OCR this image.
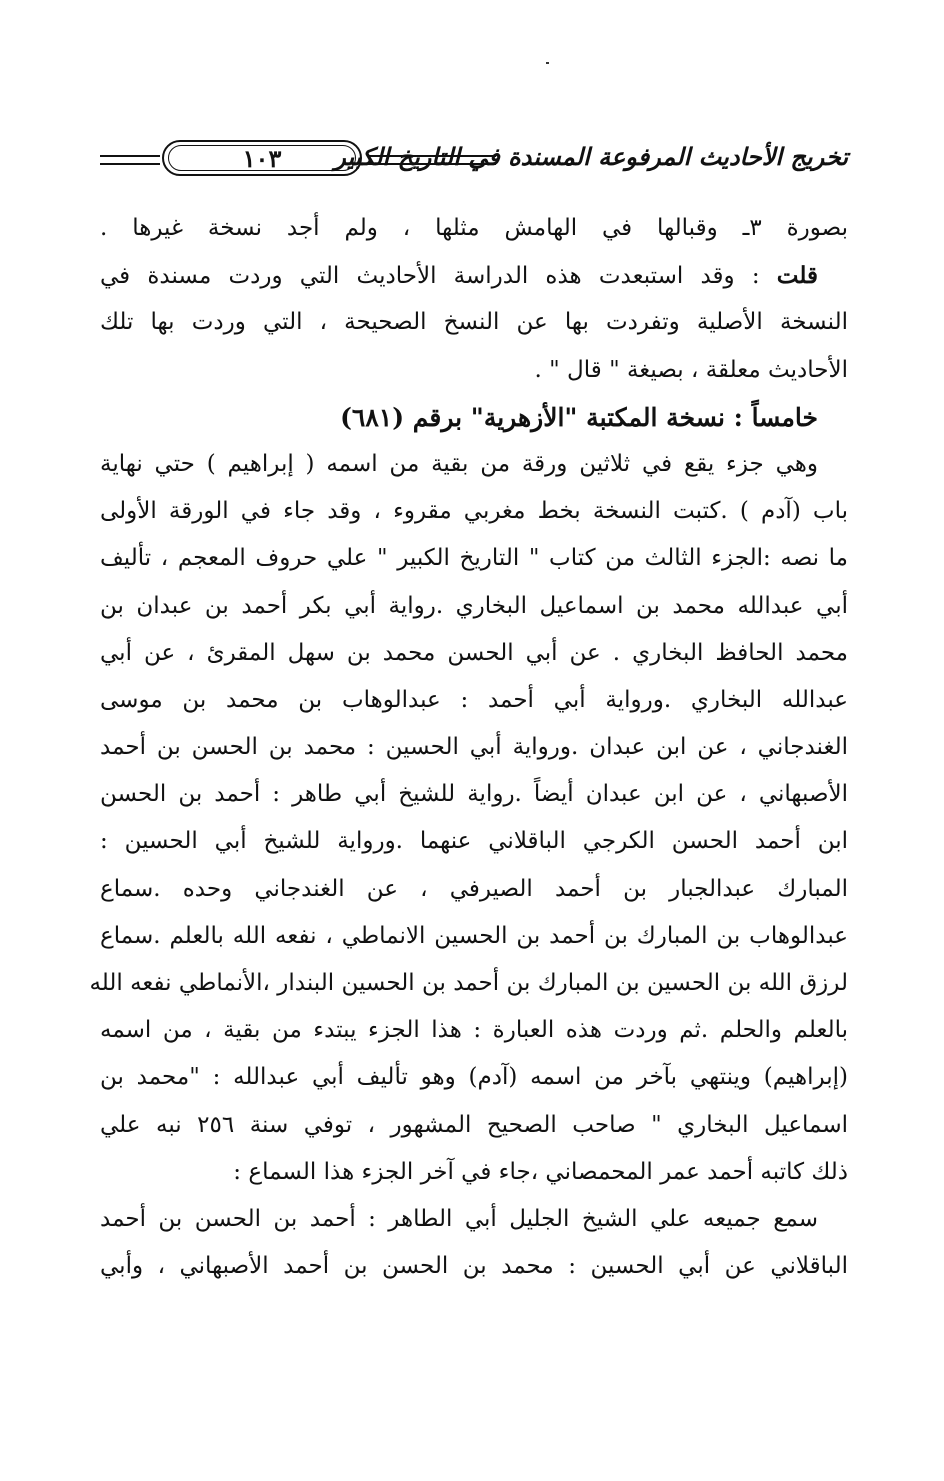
١٠٣ تخريج الأحاديث المرفوعة المسندة في التاريخ الكبير
بصورة ٣ـ وقبالها في الهامش مثلها ، ولم أجد نسخة غيرها .
قلت : وقد استبعدت هذه الدراسة الأحاديث التي وردت مسندة في
النسخة الأصلية وتفردت بها عن النسخ الصحيحة ، التي وردت بها تلك
الأحاديث معلقة ، بصيغة " قال " .
خامساً : نسخة المكتبة "الأزهرية" برقم (٦٨١)
وهي جزء يقع في ثلاثين ورقة من بقية من اسمه ( إبراهيم ) حتي نهاية
باب (آدم ) .كتبت النسخة بخط مغربي مقروء ، وقد جاء في الورقة الأولى
ما نصه :الجزء الثالث من كتاب " التاريخ الكبير " علي حروف المعجم ، تأليف
أبي عبدالله محمد بن اسماعيل البخاري .رواية أبي بكر أحمد بن عبدان بن
محمد الحافظ البخاري . عن أبي الحسن محمد بن سهل المقرئ ، عن أبي
عبدالله البخاري .ورواية أبي أحمد : عبدالوهاب بن محمد بن موسى
الغندجاني ، عن ابن عبدان .ورواية أبي الحسين : محمد بن الحسن بن أحمد
الأصبهاني ، عن ابن عبدان أيضاً .رواية للشيخ أبي طاهر : أحمد بن الحسن
ابن أحمد الحسن الكرجي الباقلاني عنهما .ورواية للشيخ أبي الحسين :
المبارك عبدالجبار بن أحمد الصيرفي ، عن الغندجاني وحده .سماع
عبدالوهاب بن المبارك بن أحمد بن الحسين الانماطي ، نفعه الله بالعلم .سماع
لرزق الله بن الحسين بن المبارك بن أحمد بن الحسين البندار ،الأنماطي نفعه الله
بالعلم والحلم .ثم وردت هذه العبارة : هذا الجزء يبتدء من بقية ، من اسمه
(إبراهيم) وينتهي بآخر من اسمه (آدم) وهو تأليف أبي عبدالله : "محمد بن
اسماعيل البخاري " صاحب الصحيح المشهور ، توفي سنة ٢٥٦ نبه علي
ذلك كاتبه أحمد عمر المحمصاني ،جاء في آخر الجزء هذا السماع :
سمع جميعه علي الشيخ الجليل أبي الطاهر : أحمد بن الحسن بن أحمد
الباقلاني عن أبي الحسين : محمد بن الحسن بن أحمد الأصبهاني ، وأبي
